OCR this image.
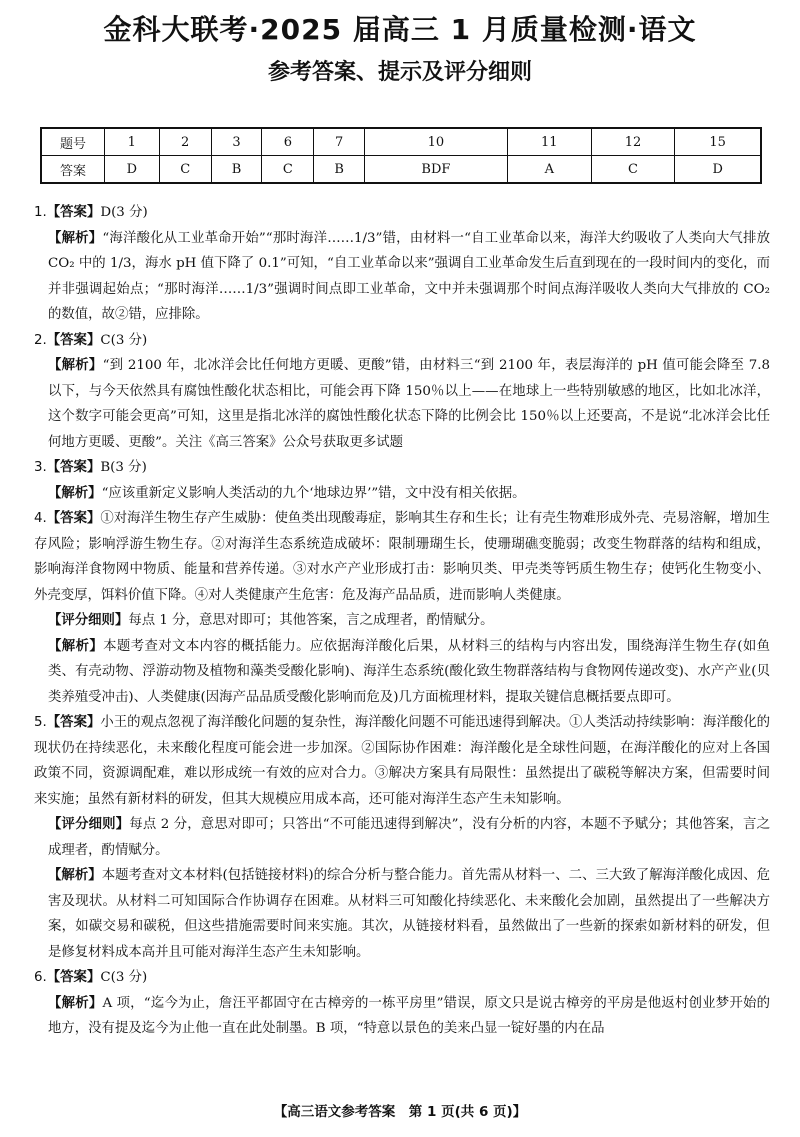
金科大联考·2025 届高三 1 月质量检测·语文
参考答案、提示及评分细则
题号	1	2	3	6	7	10	11	12	15
答案	D	C	B	C	B	BDF	A	C	D

1.【答案】D(3 分)

【解析】“海洋酸化从工业革命开始”“那时海洋……1/3”错，由材料一“自工业革命以来，海洋大约吸收了人类向大气排放 CO₂ 中的 1/3，海水 pH 值下降了 0.1”可知，“自工业革命以来”强调自工业革命发生后直到现在的一段时间内的变化，而并非强调起始点；“那时海洋……1/3”强调时间点即工业革命，文中并未强调那个时间点海洋吸收人类向大气排放的 CO₂ 的数值，故②错，应排除。

2.【答案】C(3 分)

【解析】“到 2100 年，北冰洋会比任何地方更暖、更酸”错，由材料三“到 2100 年，表层海洋的 pH 值可能会降至 7.8 以下，与今天依然具有腐蚀性酸化状态相比，可能会再下降 150％以上——在地球上一些特别敏感的地区，比如北冰洋，这个数字可能会更高”可知，这里是指北冰洋的腐蚀性酸化状态下降的比例会比 150％以上还要高，不是说“北冰洋会比任何地方更暖、更酸”。关注《高三答案》公众号获取更多试题

3.【答案】B(3 分)

【解析】“应该重新定义影响人类活动的九个‘地球边界’”错，文中没有相关依据。

4.【答案】①对海洋生物生存产生威胁：使鱼类出现酸毒症，影响其生存和生长；让有壳生物难形成外壳、壳易溶解，增加生存风险；影响浮游生物生存。②对海洋生态系统造成破坏：限制珊瑚生长，使珊瑚礁变脆弱；改变生物群落的结构和组成，影响海洋食物网中物质、能量和营养传递。③对水产产业形成打击：影响贝类、甲壳类等钙质生物生存；使钙化生物变小、外壳变厚，饵料价值下降。④对人类健康产生危害：危及海产品品质，进而影响人类健康。

【评分细则】每点 1 分，意思对即可；其他答案，言之成理者，酌情赋分。

【解析】本题考查对文本内容的概括能力。应依据海洋酸化后果，从材料三的结构与内容出发，围绕海洋生物生存(如鱼类、有壳动物、浮游动物及植物和藻类受酸化影响)、海洋生态系统(酸化致生物群落结构与食物网传递改变)、水产产业(贝类养殖受冲击)、人类健康(因海产品品质受酸化影响而危及)几方面梳理材料，提取关键信息概括要点即可。

5.【答案】小王的观点忽视了海洋酸化问题的复杂性，海洋酸化问题不可能迅速得到解决。①人类活动持续影响：海洋酸化的现状仍在持续恶化，未来酸化程度可能会进一步加深。②国际协作困难：海洋酸化是全球性问题，在海洋酸化的应对上各国政策不同，资源调配难，难以形成统一有效的应对合力。③解决方案具有局限性：虽然提出了碳税等解决方案，但需要时间来实施；虽然有新材料的研发，但其大规模应用成本高，还可能对海洋生态产生未知影响。

【评分细则】每点 2 分，意思对即可；只答出“不可能迅速得到解决”，没有分析的内容，本题不予赋分；其他答案，言之成理者，酌情赋分。

【解析】本题考查对文本材料(包括链接材料)的综合分析与整合能力。首先需从材料一、二、三大致了解海洋酸化成因、危害及现状。从材料二可知国际合作协调存在困难。从材料三可知酸化持续恶化、未来酸化会加剧，虽然提出了一些解决方案，如碳交易和碳税，但这些措施需要时间来实施。其次，从链接材料看，虽然做出了一些新的探索如新材料的研发，但是修复材料成本高并且可能对海洋生态产生未知影响。

6.【答案】C(3 分)

【解析】A 项，“迄今为止，詹汪平都固守在古樟旁的一栋平房里”错误，原文只是说古樟旁的平房是他返村创业梦开始的地方，没有提及迄今为止他一直在此处制墨。B 项，“特意以景色的美来凸显一锭好墨的内在品

【高三语文参考答案　第 1 页(共 6 页)】
